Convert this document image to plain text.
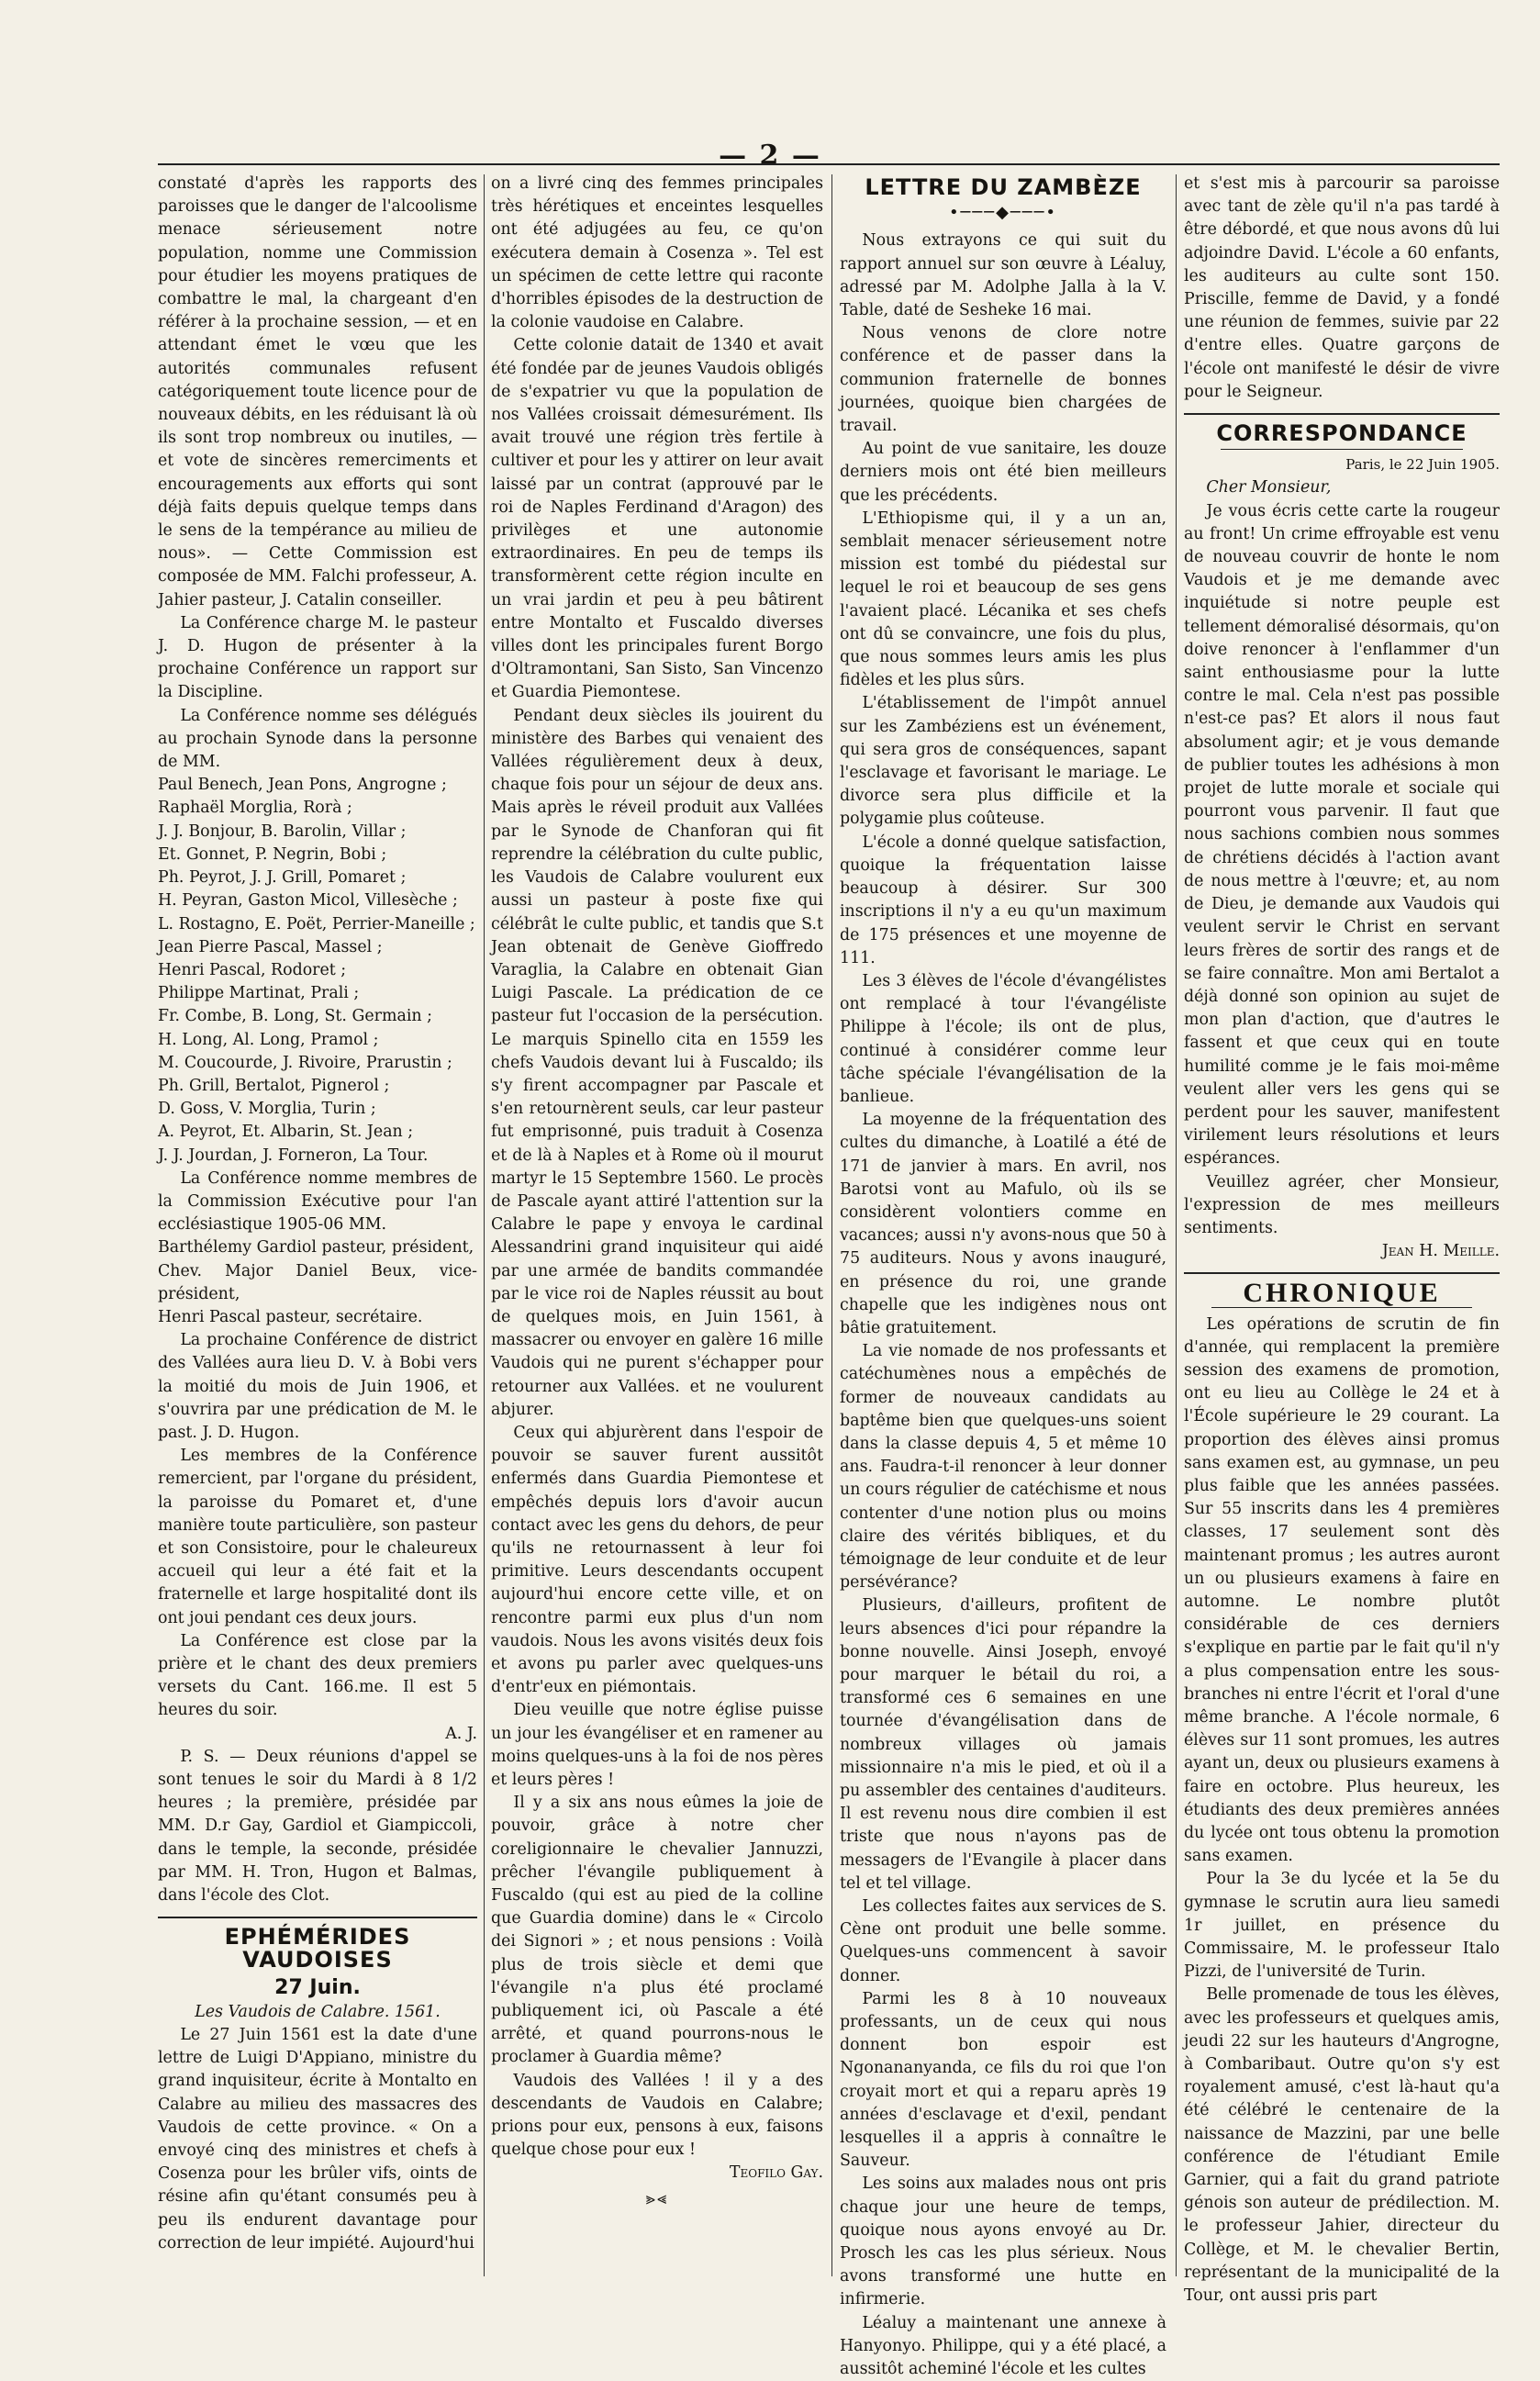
— 2 —

constaté d'après les rapports des paroisses que le danger de l'alcoolisme menace sérieusement notre population, nomme une Commission pour étudier les moyens pratiques de combattre le mal, la chargeant d'en référer à la prochaine session, — et en attendant émet le vœu que les autorités communales refusent catégoriquement toute licence pour de nouveaux débits, en les réduisant là où ils sont trop nombreux ou inutiles, — et vote de sincères remerciments et encouragements aux efforts qui sont déjà faits depuis quelque temps dans le sens de la tempérance au milieu de nous». — Cette Commission est composée de MM. Falchi professeur, A. Jahier pasteur, J. Catalin conseiller.

La Conférence charge M. le pasteur J. D. Hugon de présenter à la prochaine Conférence un rapport sur la Discipline.

La Conférence nomme ses délégués au prochain Synode dans la personne de MM.

Paul Benech, Jean Pons, Angrogne ;

Raphaël Morglia, Rorà ;

J. J. Bonjour, B. Barolin, Villar ;

Et. Gonnet, P. Negrin, Bobi ;

Ph. Peyrot, J. J. Grill, Pomaret ;

H. Peyran, Gaston Micol, Villesèche ;

L. Rostagno, E. Poët, Perrier-Maneille ;

Jean Pierre Pascal, Massel ;

Henri Pascal, Rodoret ;

Philippe Martinat, Prali ;

Fr. Combe, B. Long, St. Germain ;

H. Long, Al. Long, Pramol ;

M. Coucourde, J. Rivoire, Prarustin ;

Ph. Grill, Bertalot, Pignerol ;

D. Goss, V. Morglia, Turin ;

A. Peyrot, Et. Albarin, St. Jean ;

J. J. Jourdan, J. Forneron, La Tour.

La Conférence nomme membres de la Commission Exécutive pour l'an ecclésiastique 1905-06 MM.

Barthélemy Gardiol pasteur, président,

Chev. Major Daniel Beux, vice-président,

Henri Pascal pasteur, secrétaire.

La prochaine Conférence de district des Vallées aura lieu D. V. à Bobi vers la moitié du mois de Juin 1906, et s'ouvrira par une prédication de M. le past. J. D. Hugon.

Les membres de la Conférence remercient, par l'organe du président, la paroisse du Pomaret et, d'une manière toute particulière, son pasteur et son Consistoire, pour le chaleureux accueil qui leur a été fait et la fraternelle et large hospitalité dont ils ont joui pendant ces deux jours.

La Conférence est close par la prière et le chant des deux premiers versets du Cant. 166.me. Il est 5 heures du soir.

A. J.

P. S. — Deux réunions d'appel se sont tenues le soir du Mardi à 8 1/2 heures ; la première, présidée par MM. D.r Gay, Gardiol et Giampiccoli, dans le temple, la seconde, présidée par MM. H. Tron, Hugon et Balmas, dans l'école des Clot.

EPHÉMÉRIDES VAUDOISES
27 Juin.

Les Vaudois de Calabre. 1561.

Le 27 Juin 1561 est la date d'une lettre de Luigi D'Appiano, ministre du grand inquisiteur, écrite à Montalto en Calabre au milieu des massacres des Vaudois de cette province. « On a envoyé cinq des ministres et chefs à Cosenza pour les brûler vifs, oints de résine afin qu'étant consumés peu à peu ils endurent davantage pour correction de leur impiété. Aujourd'hui

on a livré cinq des femmes principales très hérétiques et enceintes lesquelles ont été adjugées au feu, ce qu'on exécutera demain à Cosenza ». Tel est un spécimen de cette lettre qui raconte d'horribles épisodes de la destruction de la colonie vaudoise en Calabre.

Cette colonie datait de 1340 et avait été fondée par de jeunes Vaudois obligés de s'expatrier vu que la population de nos Vallées croissait démesurément. Ils avait trouvé une région très fertile à cultiver et pour les y attirer on leur avait laissé par un contrat (approuvé par le roi de Naples Ferdinand d'Aragon) des privilèges et une autonomie extraordinaires. En peu de temps ils transformèrent cette région inculte en un vrai jardin et peu à peu bâtirent entre Montalto et Fuscaldo diverses villes dont les principales furent Borgo d'Oltramontani, San Sisto, San Vincenzo et Guardia Piemontese.

Pendant deux siècles ils jouirent du ministère des Barbes qui venaient des Vallées régulièrement deux à deux, chaque fois pour un séjour de deux ans. Mais après le réveil produit aux Vallées par le Synode de Chanforan qui fit reprendre la célébration du culte public, les Vaudois de Calabre voulurent eux aussi un pasteur à poste fixe qui célébrât le culte public, et tandis que S.t Jean obtenait de Genève Gioffredo Varaglia, la Calabre en obtenait Gian Luigi Pascale. La prédication de ce pasteur fut l'occasion de la persécution. Le marquis Spinello cita en 1559 les chefs Vaudois devant lui à Fuscaldo; ils s'y firent accompagner par Pascale et s'en retournèrent seuls, car leur pasteur fut emprisonné, puis traduit à Cosenza et de là à Naples et à Rome où il mourut martyr le 15 Septembre 1560. Le procès de Pascale ayant attiré l'attention sur la Calabre le pape y envoya le cardinal Alessandrini grand inquisiteur qui aidé par une armée de bandits commandée par le vice roi de Naples réussit au bout de quelques mois, en Juin 1561, à massacrer ou envoyer en galère 16 mille Vaudois qui ne purent s'échapper pour retourner aux Vallées. et ne voulurent abjurer.

Ceux qui abjurèrent dans l'espoir de pouvoir se sauver furent aussitôt enfermés dans Guardia Piemontese et empêchés depuis lors d'avoir aucun contact avec les gens du dehors, de peur qu'ils ne retournassent à leur foi primitive. Leurs descendants occupent aujourd'hui encore cette ville, et on rencontre parmi eux plus d'un nom vaudois. Nous les avons visités deux fois et avons pu parler avec quelques-uns d'entr'eux en piémontais.

Dieu veuille que notre église puisse un jour les évangéliser et en ramener au moins quelques-uns à la foi de nos pères et leurs pères !

Il y a six ans nous eûmes la joie de pouvoir, grâce à notre cher coreligionnaire le chevalier Jannuzzi, prêcher l'évangile publiquement à Fuscaldo (qui est au pied de la colline que Guardia domine) dans le « Circolo dei Signori » ; et nous pensions : Voilà plus de trois siècle et demi que l'évangile n'a plus été proclamé publiquement ici, où Pascale a été arrêté, et quand pourrons-nous le proclamer à Guardia même?

Vaudois des Vallées ! il y a des descendants de Vaudois en Calabre; prions pour eux, pensons à eux, faisons quelque chose pour eux !

Teofilo Gay.

⪢⪡
LETTRE DU ZAMBÈZE
•───◆───•

Nous extrayons ce qui suit du rapport annuel sur son œuvre à Léaluy, adressé par M. Adolphe Jalla à la V. Table, daté de Sesheke 16 mai.

Nous venons de clore notre conférence et de passer dans la communion fraternelle de bonnes journées, quoique bien chargées de travail.

Au point de vue sanitaire, les douze derniers mois ont été bien meilleurs que les précédents.

L'Ethiopisme qui, il y a un an, semblait menacer sérieusement notre mission est tombé du piédestal sur lequel le roi et beaucoup de ses gens l'avaient placé. Lécanika et ses chefs ont dû se convaincre, une fois du plus, que nous sommes leurs amis les plus fidèles et les plus sûrs.

L'établissement de l'impôt annuel sur les Zambéziens est un événement, qui sera gros de conséquences, sapant l'esclavage et favorisant le mariage. Le divorce sera plus difficile et la polygamie plus coûteuse.

L'école a donné quelque satisfaction, quoique la fréquentation laisse beaucoup à désirer. Sur 300 inscriptions il n'y a eu qu'un maximum de 175 présences et une moyenne de 111.

Les 3 élèves de l'école d'évangélistes ont remplacé à tour l'évangéliste Philippe à l'école; ils ont de plus, continué à considérer comme leur tâche spéciale l'évangélisation de la banlieue.

La moyenne de la fréquentation des cultes du dimanche, à Loatilé a été de 171 de janvier à mars. En avril, nos Barotsi vont au Mafulo, où ils se considèrent volontiers comme en vacances; aussi n'y avons-nous que 50 à 75 auditeurs. Nous y avons inauguré, en présence du roi, une grande chapelle que les indigènes nous ont bâtie gratuitement.

La vie nomade de nos professants et catéchumènes nous a empêchés de former de nouveaux candidats au baptême bien que quelques-uns soient dans la classe depuis 4, 5 et même 10 ans. Faudra-t-il renoncer à leur donner un cours régulier de catéchisme et nous contenter d'une notion plus ou moins claire des vérités bibliques, et du témoignage de leur conduite et de leur persévérance?

Plusieurs, d'ailleurs, profitent de leurs absences d'ici pour répandre la bonne nouvelle. Ainsi Joseph, envoyé pour marquer le bétail du roi, a transformé ces 6 semaines en une tournée d'évangélisation dans de nombreux villages où jamais missionnaire n'a mis le pied, et où il a pu assembler des centaines d'auditeurs. Il est revenu nous dire combien il est triste que nous n'ayons pas de messagers de l'Evangile à placer dans tel et tel village.

Les collectes faites aux services de S. Cène ont produit une belle somme. Quelques-uns commencent à savoir donner.

Parmi les 8 à 10 nouveaux professants, un de ceux qui nous donnent bon espoir est Ngonananyanda, ce fils du roi que l'on croyait mort et qui a reparu après 19 années d'esclavage et d'exil, pendant lesquelles il a appris à connaître le Sauveur.

Les soins aux malades nous ont pris chaque jour une heure de temps, quoique nous ayons envoyé au Dr. Prosch les cas les plus sérieux. Nous avons transformé une hutte en infirmerie.

Léaluy a maintenant une annexe à Hanyonyo. Philippe, qui y a été placé, a aussitôt acheminé l'école et les cultes

et s'est mis à parcourir sa paroisse avec tant de zèle qu'il n'a pas tardé à être débordé, et que nous avons dû lui adjoindre David. L'école a 60 enfants, les auditeurs au culte sont 150. Priscille, femme de David, y a fondé une réunion de femmes, suivie par 22 d'entre elles. Quatre garçons de l'école ont manifesté le désir de vivre pour le Seigneur.

CORRESPONDANCE

Paris, le 22 Juin 1905.

Cher Monsieur,

Je vous écris cette carte la rougeur au front! Un crime effroyable est venu de nouveau couvrir de honte le nom Vaudois et je me demande avec inquiétude si notre peuple est tellement démoralisé désormais, qu'on doive renoncer à l'enflammer d'un saint enthousiasme pour la lutte contre le mal. Cela n'est pas possible n'est-ce pas? Et alors il nous faut absolument agir; et je vous demande de publier toutes les adhésions à mon projet de lutte morale et sociale qui pourront vous parvenir. Il faut que nous sachions combien nous sommes de chrétiens décidés à l'action avant de nous mettre à l'œuvre; et, au nom de Dieu, je demande aux Vaudois qui veulent servir le Christ en servant leurs frères de sortir des rangs et de se faire connaître. Mon ami Bertalot a déjà donné son opinion au sujet de mon plan d'action, que d'autres le fassent et que ceux qui en toute humilité comme je le fais moi-même veulent aller vers les gens qui se perdent pour les sauver, manifestent virilement leurs résolutions et leurs espérances.

Veuillez agréer, cher Monsieur, l'expression de mes meilleurs sentiments.

Jean H. Meille.

CHRONIQUE

Les opérations de scrutin de fin d'année, qui remplacent la première session des examens de promotion, ont eu lieu au Collège le 24 et à l'École supérieure le 29 courant. La proportion des élèves ainsi promus sans examen est, au gymnase, un peu plus faible que les années passées. Sur 55 inscrits dans les 4 premières classes, 17 seulement sont dès maintenant promus ; les autres auront un ou plusieurs examens à faire en automne. Le nombre plutôt considérable de ces derniers s'explique en partie par le fait qu'il n'y a plus compensation entre les sous-branches ni entre l'écrit et l'oral d'une même branche. A l'école normale, 6 élèves sur 11 sont promues, les autres ayant un, deux ou plusieurs examens à faire en octobre. Plus heureux, les étudiants des deux premières années du lycée ont tous obtenu la promotion sans examen.

Pour la 3e du lycée et la 5e du gymnase le scrutin aura lieu samedi 1r juillet, en présence du Commissaire, M. le professeur Italo Pizzi, de l'université de Turin.

Belle promenade de tous les élèves, avec les professeurs et quelques amis, jeudi 22 sur les hauteurs d'Angrogne, à Combaribaut. Outre qu'on s'y est royalement amusé, c'est là-haut qu'a été célébré le centenaire de la naissance de Mazzini, par une belle conférence de l'étudiant Emile Garnier, qui a fait du grand patriote génois son auteur de prédilection. M. le professeur Jahier, directeur du Collège, et M. le chevalier Bertin, représentant de la municipalité de la Tour, ont aussi pris part
